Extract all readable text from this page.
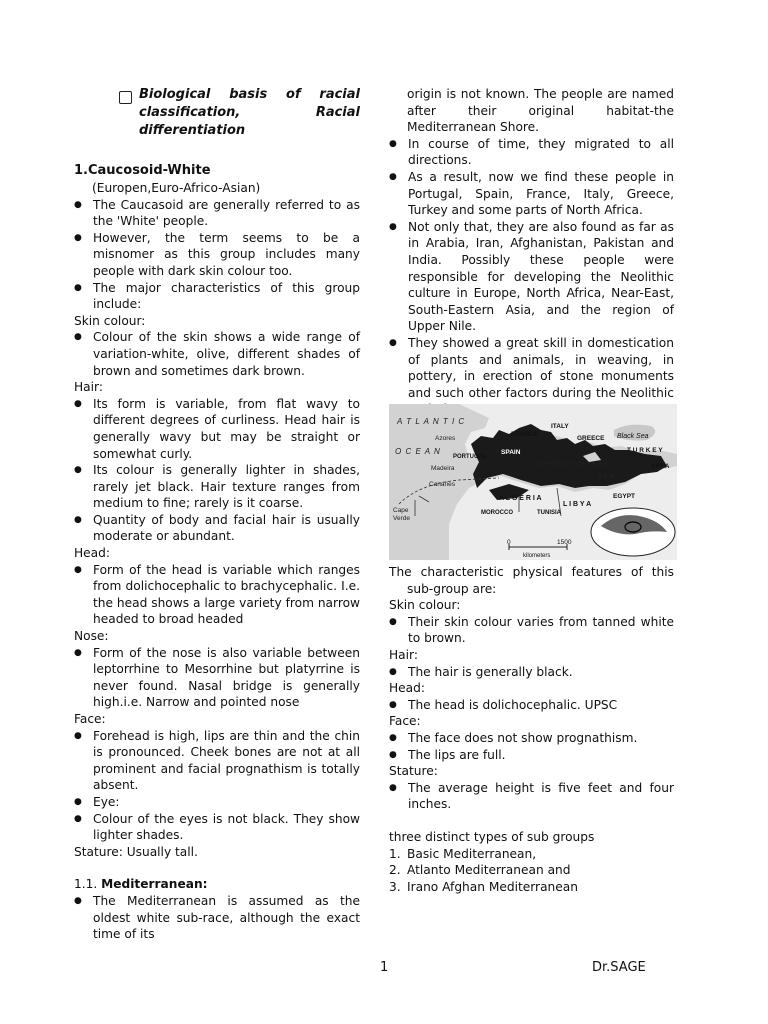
Biological basis of racial
classification, Racial
differentiation
1.Caucosoid-White
(Europen,Euro-Africo-Asian)
● The Caucasoid are generally referred to as the 'White' people.
● However, the term seems to be a misnomer as this group includes many people with dark skin colour too.
● The major characteristics of this group include:
Skin colour:
● Colour of the skin shows a wide range of variation-white, olive, different shades of brown and sometimes dark brown.
Hair:
● Its form is variable, from flat wavy to different degrees of curliness. Head hair is generally wavy but may be straight or somewhat curly.
● Its colour is generally lighter in shades, rarely jet black. Hair texture ranges from medium to fine; rarely is it coarse.
● Quantity of body and facial hair is usually moderate or abundant.
Head:
● Form of the head is variable which ranges from dolichocephalic to brachycephalic. I.e. the head shows a large variety from narrow headed to broad headed
Nose:
● Form of the nose is also variable between leptorrhine to Mesorrhine but platyrrine is never found. Nasal bridge is generally high.i.e. Narrow and pointed nose
Face:
● Forehead is high, lips are thin and the chin is pronounced. Cheek bones are not at all prominent and facial prognathism is totally absent.
● Eye:
● Colour of the eyes is not black. They show lighter shades.
Stature: Usually tall.
1.1. Mediterranean:
● The Mediterranean is assumed as the oldest white sub-race, although the exact time of its
origin is not known. The people are named after their original habitat-the Mediterranean Shore.
● In course of time, they migrated to all directions.
● As a result, now we find these people in Portugal, Spain, France, Italy, Greece, Turkey and some parts of North Africa.
● Not only that, they are also found as far as in Arabia, Iran, Afghanistan, Pakistan and India. Possibly these people were responsible for developing the Neolithic culture in Europe, North Africa, Near-East, South-Eastern Asia, and the region of Upper Nile.
● They showed a great skill in domestication of plants and animals, in weaving, in pottery, in erection of stone monuments and such other factors during the Neolithic
A T L A N T I C
O C E A N
Azores
Madeira
Canaries
Cape
Verde
PORTUGAL
SPAIN
FRANCE
ITALY
GREECE Black Sea
T U R K E Y
SYRIA
M e d i t e r r a n e a n
S e a
A L G E R I A
MOROCCO	TUNISIA
L I B Y A
EGYPT
0	1500
kilometers
The characteristic physical features of this
sub-group are:
Skin colour:
● Their skin colour varies from tanned white to brown.
Hair:
● The hair is generally black.
Head:
● The head is dolichocephalic. UPSC
Face:
● The face does not show prognathism.
● The lips are full.
Stature:
● The average height is five feet and four inches.
three distinct types of sub groups
1. Basic Mediterranean,
2. Atlanto Mediterranean and
3. Irano Afghan Mediterranean
1	Dr.SAGE
